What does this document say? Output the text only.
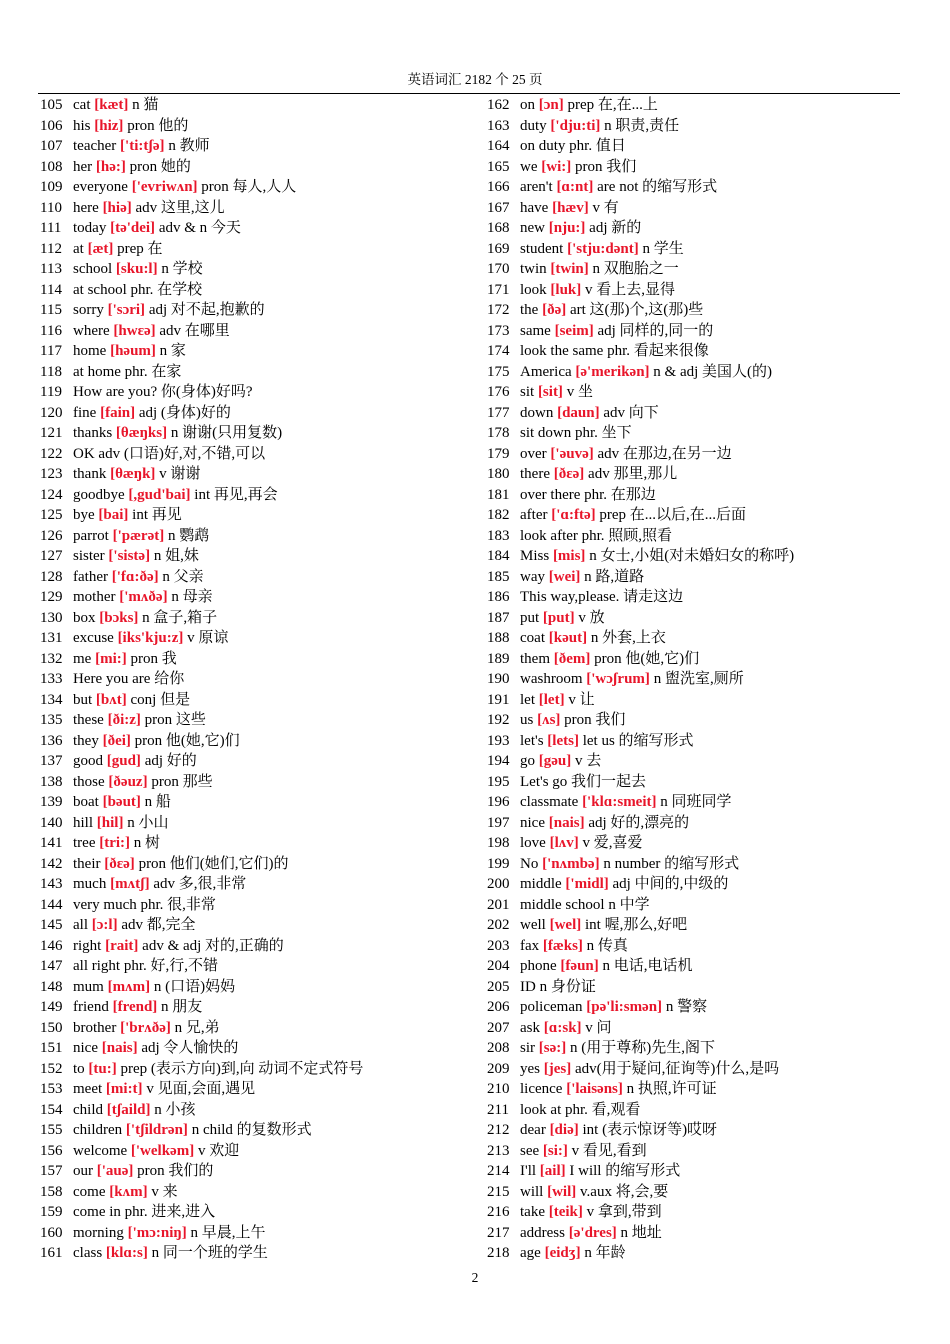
英语词汇 2182 个 25 页
105 cat [kæt] n 猫
106 his [hiz] pron 他的
107 teacher ['ti:tʃə] n 教师
108 her [hə:] pron 她的
109 everyone ['evriwʌn] pron 每人,人人
110 here [hiə] adv 这里,这儿
111 today [tə'dei] adv & n 今天
112 at [æt] prep 在
113 school [sku:l] n 学校
114 at school phr. 在学校
115 sorry ['sɔri] adj 对不起,抱歉的
116 where [hwɛə] adv 在哪里
117 home [həum] n 家
118 at home phr. 在家
119 How are you? 你(身体)好吗?
120 fine [fain] adj (身体)好的
121 thanks [θæŋks] n 谢谢(只用复数)
122 OK adv (口语)好,对,不错,可以
123 thank [θæŋk] v 谢谢
124 goodbye [,gud'bai] int 再见,再会
125 bye [bai] int 再见
126 parrot ['pærət] n 鹦鹉
127 sister ['sistə] n 姐,妹
128 father ['fɑ:ðə] n 父亲
129 mother ['mʌðə] n 母亲
130 box [bɔks] n 盒子,箱子
131 excuse [iks'kju:z] v 原谅
132 me [mi:] pron 我
133 Here you are 给你
134 but [bʌt] conj 但是
135 these [ði:z] pron 这些
136 they [ðei] pron 他(她,它)们
137 good [gud] adj 好的
138 those [ðəuz] pron 那些
139 boat [bəut] n 船
140 hill [hil] n 小山
141 tree [tri:] n 树
142 their [ðɛə] pron 他们(她们,它们)的
143 much [mʌtʃ] adv 多,很,非常
144 very much phr. 很,非常
145 all [ɔ:l] adv 都,完全
146 right [rait] adv & adj 对的,正确的
147 all right phr. 好,行,不错
148 mum [mʌm] n (口语)妈妈
149 friend [frend] n 朋友
150 brother ['brʌðə] n 兄,弟
151 nice [nais] adj 令人愉快的
152 to [tu:] prep (表示方向)到,向 动词不定式符号
153 meet [mi:t] v 见面,会面,遇见
154 child [tʃaild] n 小孩
155 children ['tʃildrən] n child 的复数形式
156 welcome ['welkəm] v 欢迎
157 our ['auə] pron 我们的
158 come [kʌm] v 来
159 come in phr. 进来,进入
160 morning ['mɔ:niŋ] n 早晨,上午
161 class [klɑ:s] n 同一个班的学生
162 on [ɔn] prep 在,在...上
163 duty ['dju:ti] n 职责,责任
164 on duty phr. 值日
165 we [wi:] pron 我们
166 aren't [ɑ:nt] are not 的缩写形式
167 have [hæv] v 有
168 new [nju:] adj 新的
169 student ['stju:dənt] n 学生
170 twin [twin] n 双胞胎之一
171 look [luk] v 看上去,显得
172 the [ðə] art 这(那)个,这(那)些
173 same [seim] adj 同样的,同一的
174 look the same phr. 看起来很像
175 America [ə'merikən] n & adj 美国人(的)
176 sit [sit] v 坐
177 down [daun] adv 向下
178 sit down phr. 坐下
179 over ['əuvə] adv 在那边,在另一边
180 there [ðɛə] adv 那里,那儿
181 over there phr. 在那边
182 after ['ɑ:ftə] prep 在...以后,在...后面
183 look after phr. 照顾,照看
184 Miss [mis] n 女士,小姐(对未婚妇女的称呼)
185 way [wei] n 路,道路
186 This way,please. 请走这边
187 put [put] v 放
188 coat [kəut] n 外套,上衣
189 them [ðem] pron 他(她,它)们
190 washroom ['wɔʃrum] n 盥洗室,厕所
191 let [let] v 让
192 us [ʌs] pron 我们
193 let's [lets] let us 的缩写形式
194 go [gəu] v 去
195 Let's go 我们一起去
196 classmate ['klɑ:smeit] n 同班同学
197 nice [nais] adj 好的,漂亮的
198 love [lʌv] v 爱,喜爱
199 No ['nʌmbə] n number 的缩写形式
200 middle ['midl] adj 中间的,中级的
201 middle school n 中学
202 well [wel] int 喔,那么,好吧
203 fax [fæks] n 传真
204 phone [fəun] n 电话,电话机
205 ID n 身份证
206 policeman [pə'li:smən] n 警察
207 ask [ɑ:sk] v 问
208 sir [sə:] n (用于尊称)先生,阁下
209 yes [jes] adv(用于疑问,征询等)什么,是吗
210 licence ['laisəns] n 执照,许可证
211 look at phr. 看,观看
212 dear [diə] int (表示惊讶等)哎呀
213 see [si:] v 看见,看到
214 I'll [ail] I will 的缩写形式
215 will [wil] v.aux 将,会,要
216 take [teik] v 拿到,带到
217 address [ə'dres] n 地址
218 age [eidʒ] n 年龄
2
